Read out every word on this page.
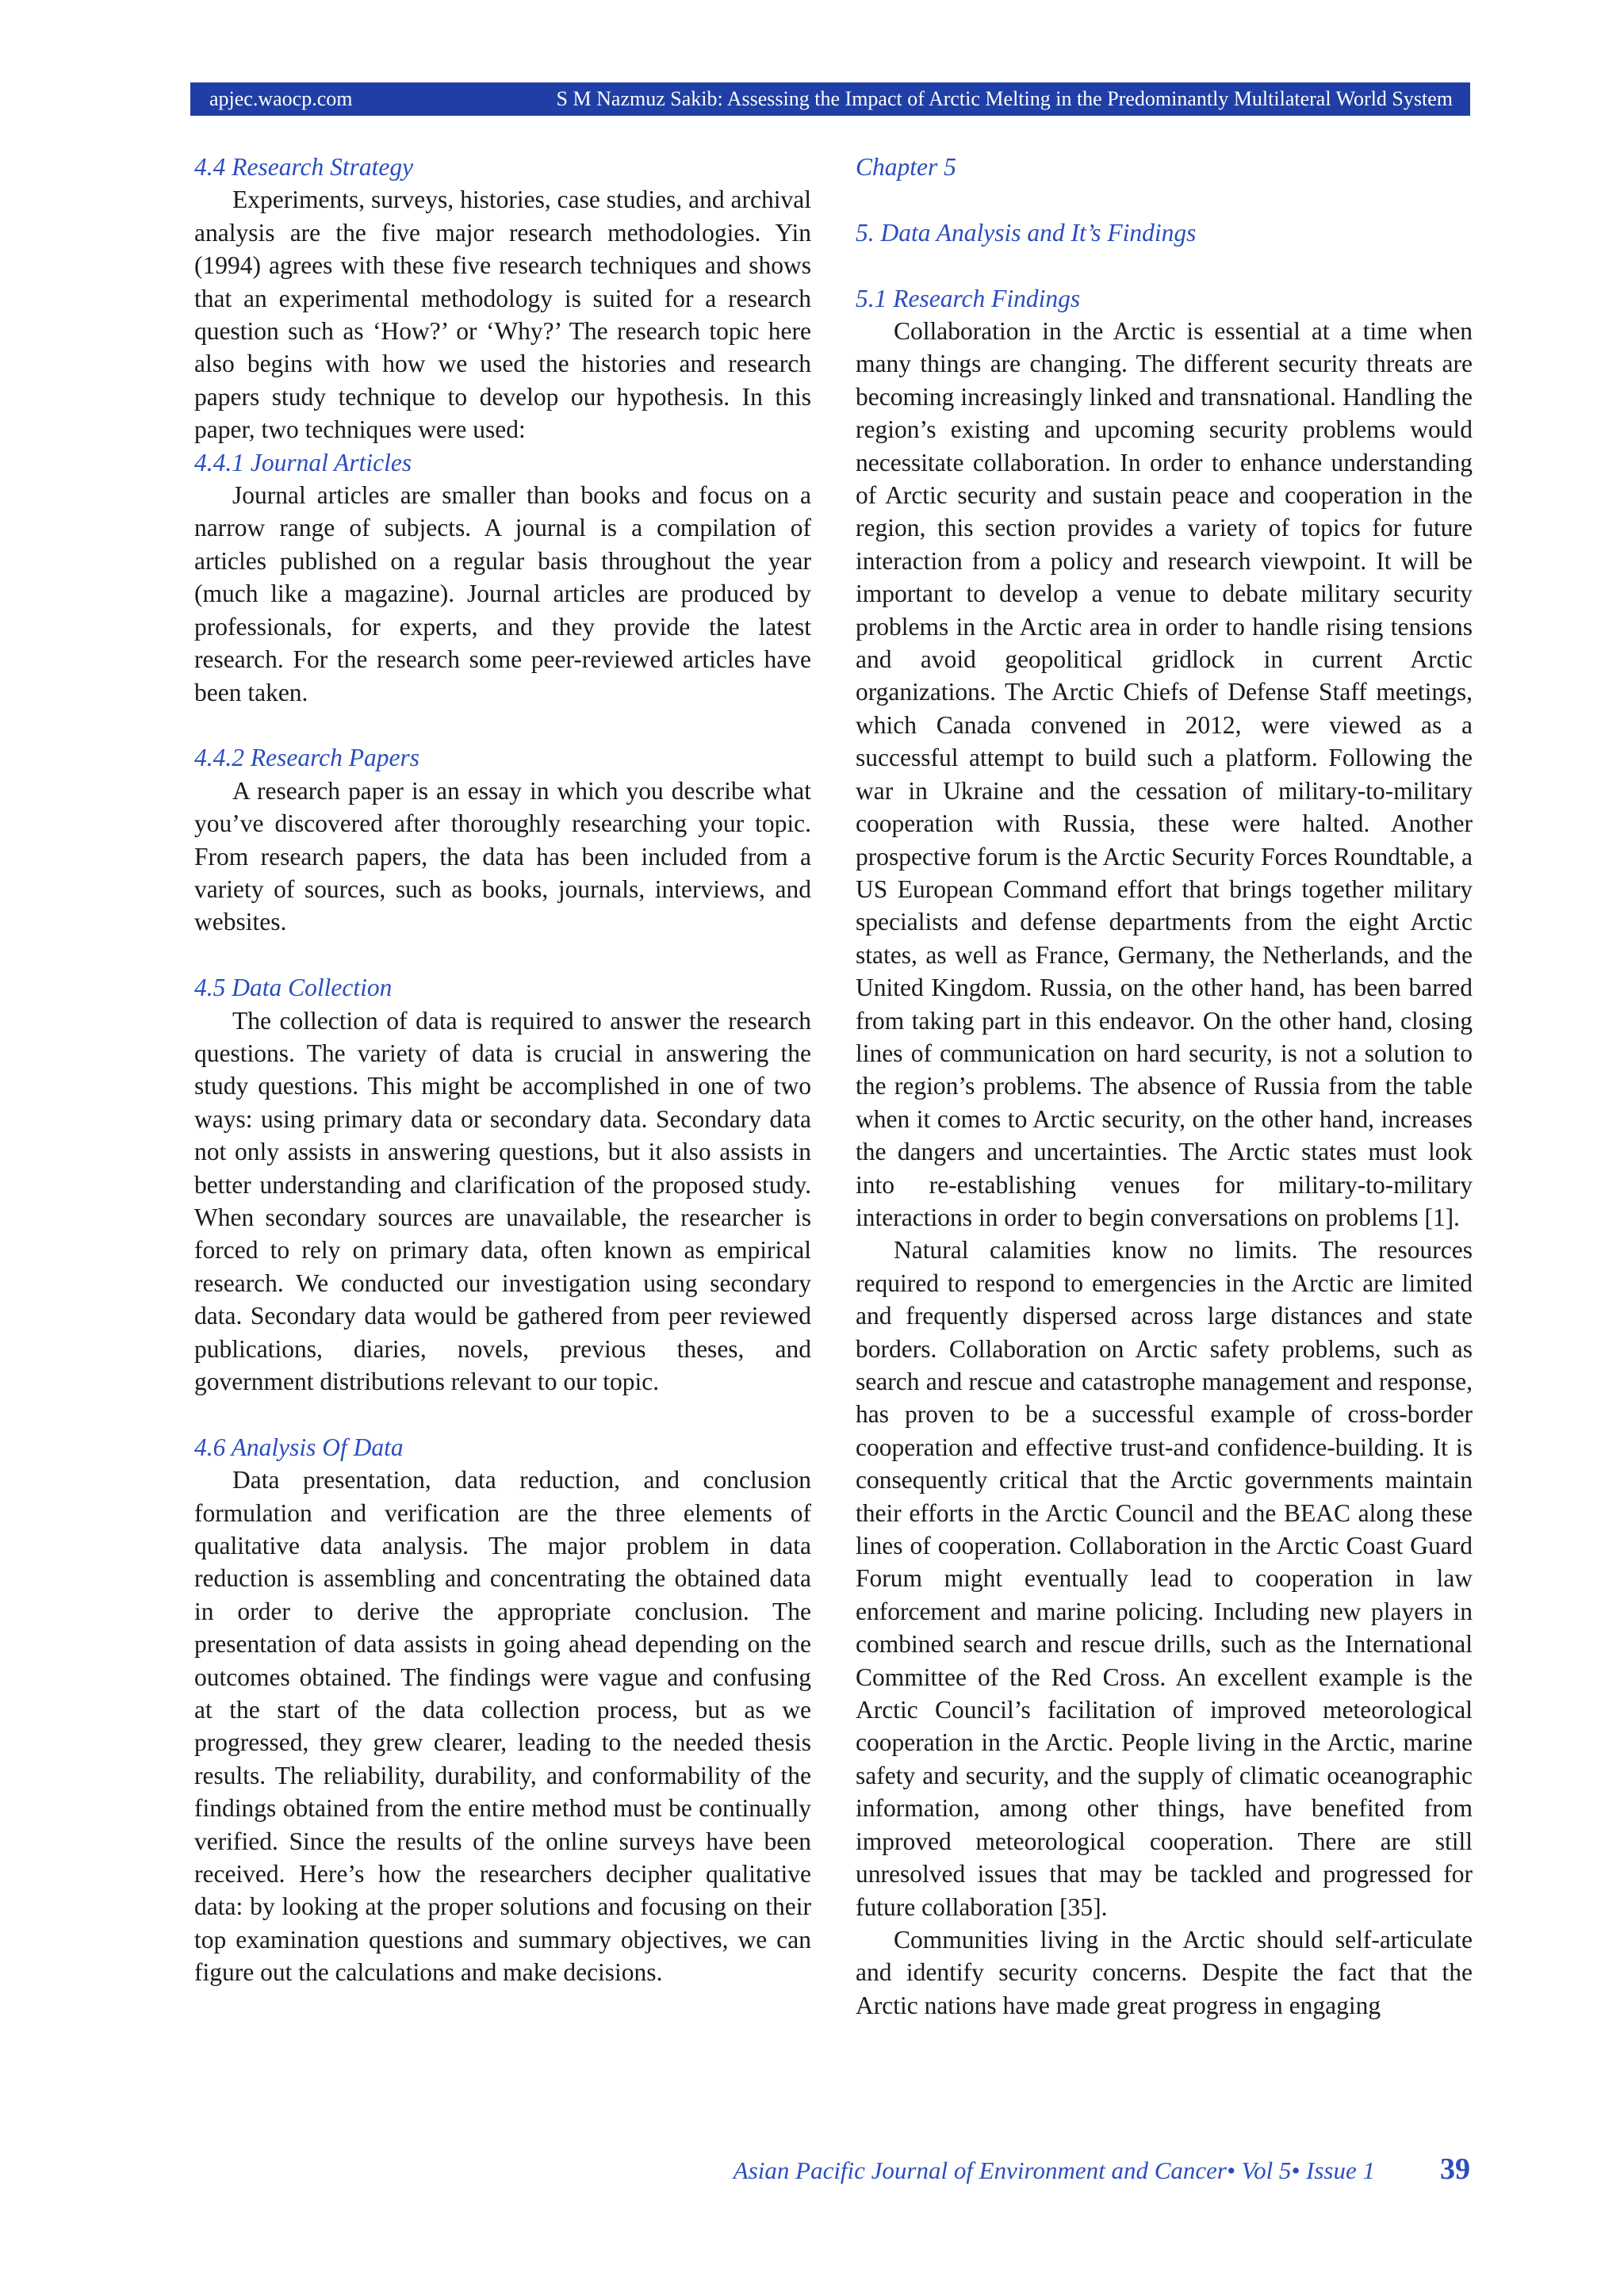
apjec.waocp.com	S M Nazmuz Sakib: Assessing the Impact of Arctic Melting in the Predominantly Multilateral World System

4.4 Research Strategy

Experiments, surveys, histories, case studies, and archival analysis are the five major research methodologies. Yin (1994) agrees with these five research techniques and shows that an experimental methodology is suited for a research question such as ‘How?’ or ‘Why?’ The research topic here also begins with how we used the histories and research papers study technique to develop our hypothesis. In this paper, two techniques were used:

4.4.1 Journal Articles

Journal articles are smaller than books and focus on a narrow range of subjects. A journal is a compilation of articles published on a regular basis throughout the year (much like a magazine). Journal articles are produced by professionals, for experts, and they provide the latest research. For the research some peer-reviewed articles have been taken.

4.4.2 Research Papers

A research paper is an essay in which you describe what you’ve discovered after thoroughly researching your topic. From research papers, the data has been included from a variety of sources, such as books, journals, interviews, and websites.

4.5 Data Collection

The collection of data is required to answer the research questions. The variety of data is crucial in answering the study questions. This might be accomplished in one of two ways: using primary data or secondary data. Secondary data not only assists in answering questions, but it also assists in better understanding and clarification of the proposed study. When secondary sources are unavailable, the researcher is forced to rely on primary data, often known as empirical research. We conducted our investigation using secondary data. Secondary data would be gathered from peer reviewed publications, diaries, novels, previous theses, and government distributions relevant to our topic.

4.6 Analysis Of Data

Data presentation, data reduction, and conclusion formulation and verification are the three elements of qualitative data analysis. The major problem in data reduction is assembling and concentrating the obtained data in order to derive the appropriate conclusion. The presentation of data assists in going ahead depending on the outcomes obtained. The findings were vague and confusing at the start of the data collection process, but as we progressed, they grew clearer, leading to the needed thesis results. The reliability, durability, and conformability of the findings obtained from the entire method must be continually verified. Since the results of the online surveys have been received. Here’s how the researchers decipher qualitative data: by looking at the proper solutions and focusing on their top examination questions and summary objectives, we can figure out the calculations and make decisions.

Chapter 5

5. Data Analysis and It’s Findings

5.1 Research Findings

Collaboration in the Arctic is essential at a time when many things are changing. The different security threats are becoming increasingly linked and transnational. Handling the region’s existing and upcoming security problems would necessitate collaboration. In order to enhance understanding of Arctic security and sustain peace and cooperation in the region, this section provides a variety of topics for future interaction from a policy and research viewpoint. It will be important to develop a venue to debate military security problems in the Arctic area in order to handle rising tensions and avoid geopolitical gridlock in current Arctic organizations. The Arctic Chiefs of Defense Staff meetings, which Canada convened in 2012, were viewed as a successful attempt to build such a platform. Following the war in Ukraine and the cessation of military-to-military cooperation with Russia, these were halted. Another prospective forum is the Arctic Security Forces Roundtable, a US European Command effort that brings together military specialists and defense departments from the eight Arctic states, as well as France, Germany, the Netherlands, and the United Kingdom. Russia, on the other hand, has been barred from taking part in this endeavor. On the other hand, closing lines of communication on hard security, is not a solution to the region’s problems. The absence of Russia from the table when it comes to Arctic security, on the other hand, increases the dangers and uncertainties. The Arctic states must look into re-establishing venues for military-to-military interactions in order to begin conversations on problems [1].

Natural calamities know no limits. The resources required to respond to emergencies in the Arctic are limited and frequently dispersed across large distances and state borders. Collaboration on Arctic safety problems, such as search and rescue and catastrophe management and response, has proven to be a successful example of cross-border cooperation and effective trust-and confidence-building. It is consequently critical that the Arctic governments maintain their efforts in the Arctic Council and the BEAC along these lines of cooperation. Collaboration in the Arctic Coast Guard Forum might eventually lead to cooperation in law enforcement and marine policing. Including new players in combined search and rescue drills, such as the International Committee of the Red Cross. An excellent example is the Arctic Council’s facilitation of improved meteorological cooperation in the Arctic. People living in the Arctic, marine safety and security, and the supply of climatic oceanographic information, among other things, have benefited from improved meteorological cooperation. There are still unresolved issues that may be tackled and progressed for future collaboration [35].

Communities living in the Arctic should self-articulate and identify security concerns. Despite the fact that the Arctic nations have made great progress in engaging

Asian Pacific Journal of Environment and Cancer• Vol 5• Issue 1 39
